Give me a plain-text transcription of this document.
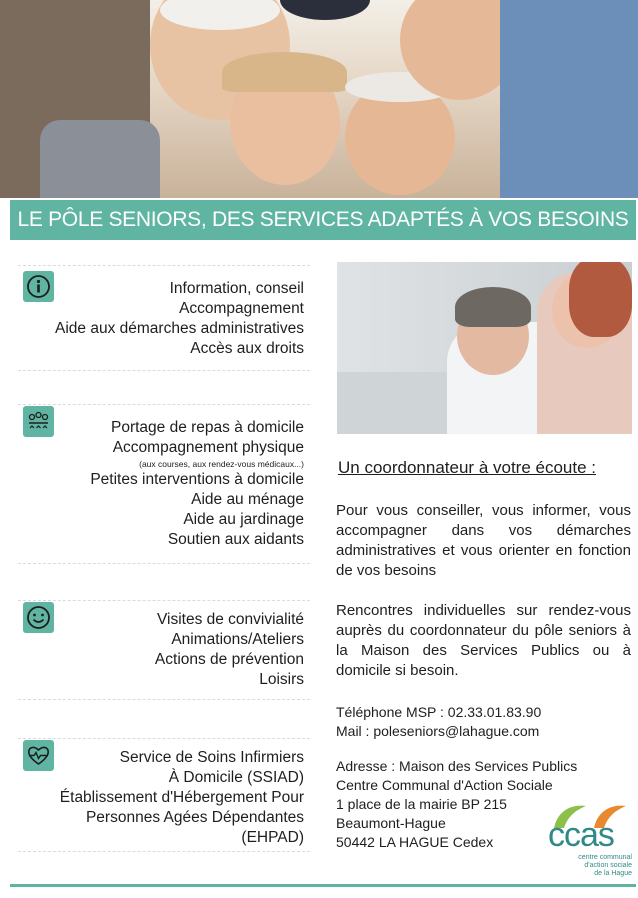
LE PÔLE SENIORS, DES SERVICES ADAPTÉS À VOS BESOINS
Information, conseil
Accompagnement
Aide aux démarches administratives
Accès aux droits
Portage de repas à domicile
Accompagnement physique
(aux courses, aux rendez-vous médicaux...)
Petites interventions à domicile
Aide au ménage
Aide au jardinage
Soutien aux aidants
Visites de convivialité
Animations/Ateliers
Actions de prévention
Loisirs
Service de Soins Infirmiers
À Domicile (SSIAD)
Établissement d'Hébergement Pour
Personnes Agées Dépendantes
(EHPAD)
Un coordonnateur à votre écoute :
Pour vous conseiller, vous informer, vous accompagner dans vos démarches administratives et vous orienter en fonction de vos besoins
Rencontres individuelles sur rendez-vous auprès du coordonnateur du pôle seniors à la Maison des Services Publics ou à domicile si besoin.
Téléphone MSP : 02.33.01.83.90
Mail : poleseniors@lahague.com
Adresse : Maison des Services Publics
Centre Communal d'Action Sociale
1 place de la mairie BP 215
Beaumont-Hague
50442 LA HAGUE Cedex	ccas
centre communal
d'action sociale
de la Hague
